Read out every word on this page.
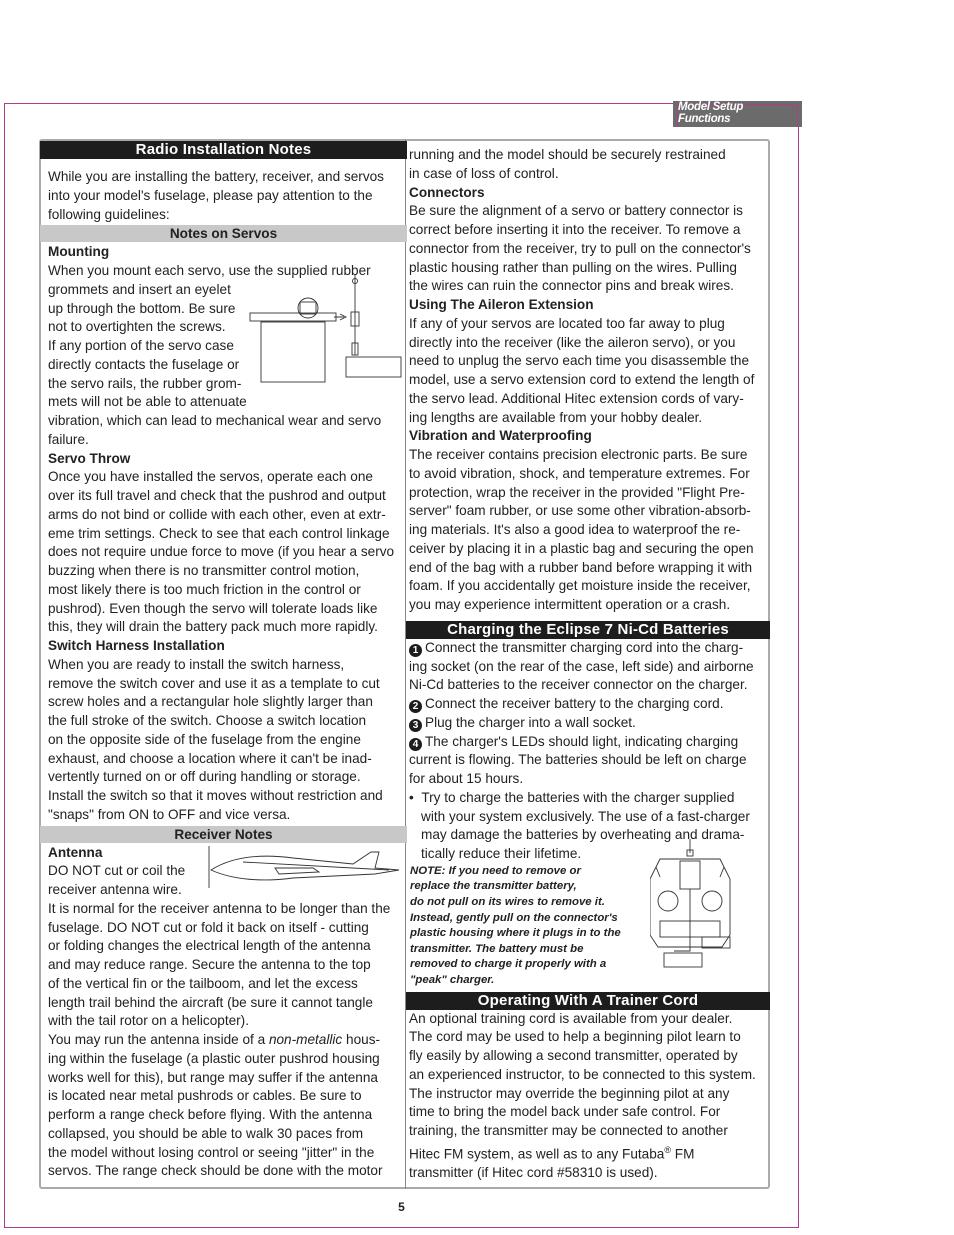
Model Setup Functions
Radio Installation Notes

While you are installing the battery, receiver, and servos

into your model's fuselage, please pay attention to the

following guidelines:

Notes on Servos

Mounting

When you mount each servo, use the supplied rubber

grommets and insert an eyelet

up through the bottom. Be sure

not to overtighten the screws.

If any portion of the servo case

directly contacts the fuselage or

the servo rails, the rubber grom-

mets will not be able to attenuate

vibration, which can lead to mechanical wear and servo

failure.

Servo Throw

Once you have installed the servos, operate each one

over its full travel and check that the pushrod and output

arms do not bind or collide with each other, even at extr-

eme trim settings. Check to see that each control linkage

does not require undue force to move (if you hear a servo

buzzing when there is no transmitter control motion,

most likely there is too much friction in the control or

pushrod). Even though the servo will tolerate loads like

this, they will drain the battery pack much more rapidly.

Switch Harness Installation

When you are ready to install the switch harness,

remove the switch cover and use it as a template to cut

screw holes and a rectangular hole slightly larger than

the full stroke of the switch. Choose a switch location

on the opposite side of the fuselage from the engine

exhaust, and choose a location where it can't be inad-

vertently turned on or off during handling or storage.

Install the switch so that it moves without restriction and

"snaps" from ON to OFF and vice versa.

Receiver Notes

Antenna

DO NOT cut or coil the

receiver antenna wire.

It is normal for the receiver antenna to be longer than the

fuselage. DO NOT cut or fold it back on itself - cutting

or folding changes the electrical length of the antenna

and may reduce range. Secure the antenna to the top

of the vertical fin or the tailboom, and let the excess

length trail behind the aircraft (be sure it cannot tangle

with the tail rotor on a helicopter).

You may run the antenna inside of a non-metallic hous-

ing within the fuselage (a plastic outer pushrod housing

works well for this), but range may suffer if the antenna

is located near metal pushrods or cables. Be sure to

perform a range check before flying. With the antenna

collapsed, you should be able to walk 30 paces from

the model without losing control or seeing "jitter" in the

servos. The range check should be done with the motor

running and the model should be securely restrained

in case of loss of control.

Connectors

Be sure the alignment of a servo or battery connector is

correct before inserting it into the receiver. To remove a

connector from the receiver, try to pull on the connector's

plastic housing rather than pulling on the wires. Pulling

the wires can ruin the connector pins and break wires.

Using The Aileron Extension

If any of your servos are located too far away to plug

directly into the receiver (like the aileron servo), or you

need to unplug the servo each time you disassemble the

model, use a servo extension cord to extend the length of

the servo lead. Additional Hitec extension cords of vary-

ing lengths are available from your hobby dealer.

Vibration and Waterproofing

The receiver contains precision electronic parts. Be sure

to avoid vibration, shock, and temperature extremes. For

protection, wrap the receiver in the provided "Flight Pre-

server" foam rubber, or use some other vibration-absorb-

ing materials. It's also a good idea to waterproof the re-

ceiver by placing it in a plastic bag and securing the open

end of the bag with a rubber band before wrapping it with

foam. If you accidentally get moisture inside the receiver,

you may experience intermittent operation or a crash.

Charging the Eclipse 7 Ni-Cd Batteries

1 Connect the transmitter charging cord into the charg-

ing socket (on the rear of the case, left side) and airborne

Ni-Cd batteries to the receiver connector on the charger.

2 Connect the receiver battery to the charging cord.

3 Plug the charger into a wall socket.

4 The charger's LEDs should light, indicating charging

current is flowing. The batteries should be left on charge

for about 15 hours.

• Try to charge the batteries with the charger supplied

with your system exclusively. The use of a fast-charger

may damage the batteries by overheating and drama-

tically reduce their lifetime.

NOTE: If you need to remove or

replace the transmitter battery,

do not pull on its wires to remove it.

Instead, gently pull on the connector's

plastic housing where it plugs in to the

transmitter. The battery must be

removed to charge it properly with a

"peak" charger.

Operating With A Trainer Cord

An optional training cord is available from your dealer.

The cord may be used to help a beginning pilot learn to

fly easily by allowing a second transmitter, operated by

an experienced instructor, to be connected to this system.

The instructor may override the beginning pilot at any

time to bring the model back under safe control. For

training, the transmitter may be connected to another

Hitec FM system, as well as to any Futaba® FM

transmitter (if Hitec cord #58310 is used).

5
